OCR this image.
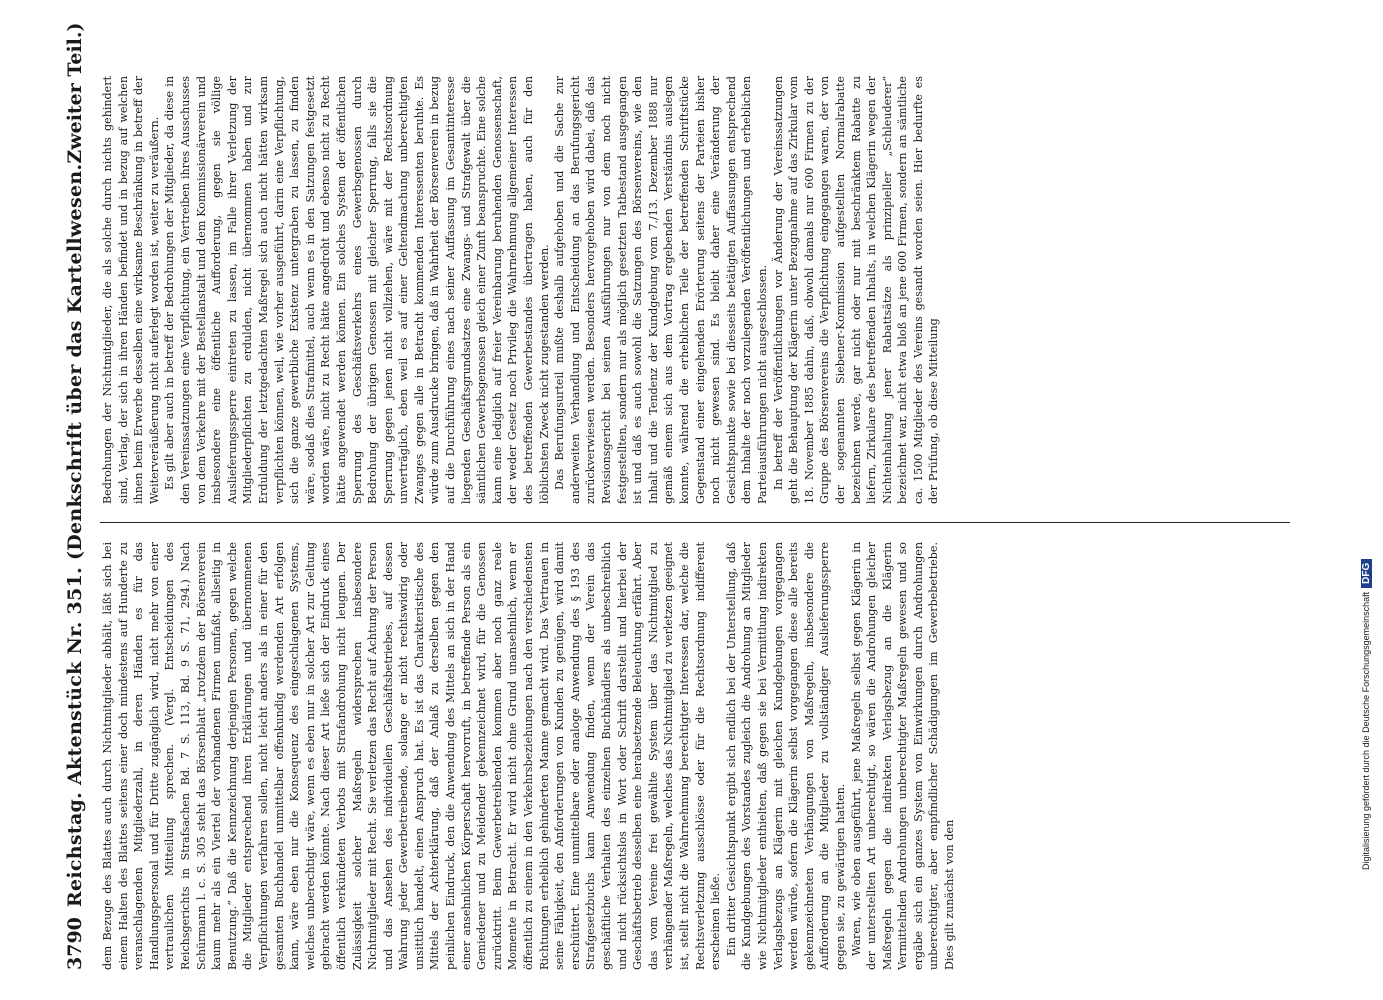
3790
Reichstag. Aktenstück Nr. 351. (Denkschrift über das Kartellwesen.
Zweiter Teil.)

dem Bezuge des Blattes auch durch Nichtmitglieder abhält, läßt sich bei einem Halten des Blattes seitens einer doch mindestens auf Hunderte zu veranschlagenden Mitgliederzahl, in deren Händen es für das Handlungspersonal und für Dritte zugänglich wird, nicht mehr von einer vertraulichen Mitteilung sprechen. (Vergl. Entscheidungen des Reichsgerichts in Strafsachen Bd. 7 S. 113, Bd. 9 S. 71, 294.) Nach Schürmann l. c. S. 305 steht das Börsenblatt „trotzdem der Börsenverein kaum mehr als ein Viertel der vorhandenen Firmen umfaßt, allseitig in Benutzung.“ Daß die Kennzeichnung derjenigen Personen, gegen welche die Mitglieder entsprechend ihren Erklärungen und übernommenen Verpflichtungen verfahren sollen, nicht leicht anders als in einer für den gesamten Buchhandel unmittelbar offenkundig werdenden Art erfolgen kann, wäre eben nur die Konsequenz des eingeschlagenen Systems, welches unberechtigt wäre, wenn es eben nur in solcher Art zur Geltung gebracht werden könnte. Nach dieser Art ließe sich der Eindruck eines öffentlich verkündeten Verbots mit Strafandrohung nicht leugnen. Der Zulässigkeit solcher Maßregeln widersprechen insbesondere Nichtmitglieder mit Recht. Sie verletzen das Recht auf Achtung der Person und das Ansehen des individuellen Geschäftsbetriebes, auf dessen Wahrung jeder Gewerbetreibende, solange er nicht rechtswidrig oder unsittlich handelt, einen Anspruch hat. Es ist das Charakteristische des Mittels der Achterklärung, daß der Anlaß zu derselben gegen den peinlichen Eindruck, den die Anwendung des Mittels an sich in der Hand einer ansehnlichen Körperschaft hervorruft, in betreffende Person als ein Gemiedener und zu Meidender gekennzeichnet wird, für die Genossen zurücktritt. Beim Gewerbetreibenden kommen aber noch ganz reale Momente in Betracht. Er wird nicht ohne Grund unansehnlich, wenn er öffentlich zu einem in den Verkehrsbeziehungen nach den verschiedensten Richtungen erheblich gehinderten Manne gemacht wird. Das Vertrauen in seine Fähigkeit, den Anforderungen von Kunden zu genügen, wird damit erschüttert. Eine unmittelbare oder analoge Anwendung des § 193 des Strafgesetzbuchs kann Anwendung finden, wenn der Verein das geschäftliche Verhalten des einzelnen Buchhändlers als unbeschreiblich und nicht rücksichtslos in Wort oder Schrift darstellt und hierbei der Geschäftsbetrieb desselben eine herabsetzende Beleuchtung erfährt. Aber das vom Vereine frei gewählte System über das Nichtmitglied zu verhängender Maßregeln, welches das Nichtmitglied zu verletzen geeignet ist, stellt nicht die Wahrnehmung berechtigter Interessen dar, welche die Rechtsverletzung ausschlösse oder für die Rechtsordnung indifferent erscheinen ließe. Ein dritter Gesichtspunkt ergibt sich endlich bei der Unterstellung, daß die Kundgebungen des Vorstandes zugleich die Androhung an Mitglieder wie Nichtmitglieder enthielten, daß gegen sie bei Vermittlung indirekten Verlagsbezugs an Klägerin mit gleichen Kundgebungen vorgegangen werden würde, sofern die Klägerin selbst vorgegangen diese alle bereits gekennzeichneten Verhängungen von Maßregeln, insbesondere die Aufforderung an die Mitglieder zu vollständiger Auslieferungssperre gegen sie, zu gewärtigen hatten. Waren, wie oben ausgeführt, jene Maßregeln selbst gegen Klägerin in der unterstellten Art unberechtigt, so wären die Androhungen gleicher Maßregeln gegen die indirekten Verlagsbezug an die Klägerin Vermittelnden Androhungen unberechtigter Maßregeln gewesen und so ergäbe sich ein ganzes System von Einwirkungen durch Androhungen unberechtigter, aber empfindlicher Schädigungen im Gewerbebetriebe. Dies gilt zunächst von den

Bedrohungen der Nichtmitglieder, die als solche durch nichts gehindert sind, Verlag, der sich in ihren Händen befindet und in bezug auf welchen ihnen beim Erwerbe desselben eine wirksame Beschränkung in betreff der Weiterveräußerung nicht auferlegt worden ist, weiter zu veräußern. Es gilt aber auch in betreff der Bedrohungen der Mitglieder, da diese in den Vereinssatzungen eine Verpflichtung, ein Vertreiben ihres Ausschusses von dem Verkehre mit der Bestellanstalt und dem Kommissionärverein und insbesondere eine öffentliche Aufforderung, gegen sie völlige Auslieferungssperre eintreten zu lassen, im Falle ihrer Verletzung der Mitgliederpflichten zu erdulden, nicht übernommen haben und zur Erduldung der letztgedachten Maßregel sich auch nicht hätten wirksam verpflichten können, weil, wie vorher ausgeführt, darin eine Verpflichtung, sich die ganze gewerbliche Existenz untergraben zu lassen, zu finden wäre, sodaß dies Strafmittel, auch wenn es in den Satzungen festgesetzt worden wäre, nicht zu Recht hätte angedroht und ebenso nicht zu Recht hätte angewendet werden können. Ein solches System der öffentlichen Sperrung des Geschäftsverkehrs eines Gewerbsgenossen durch Bedrohung der übrigen Genossen mit gleicher Sperrung, falls sie die Sperrung gegen jenen nicht vollziehen, wäre mit der Rechtsordnung unverträglich, eben weil es auf einer Geltendmachung unberechtigten Zwanges gegen alle in Betracht kommenden Interessenten beruhte. Es würde zum Ausdrucke bringen, daß in Wahrheit der Börsenverein in bezug auf die Durchführung eines nach seiner Auffassung im Gesamtinteresse liegenden Geschäftsgrundsatzes eine Zwangs- und Strafgewalt über die sämtlichen Gewerbsgenossen gleich einer Zunft beanspruchte. Eine solche kann eine lediglich auf freier Vereinbarung beruhenden Genossenschaft, der weder Gesetz noch Privileg die Wahrnehmung allgemeiner Interessen des betreffenden Gewerbestandes übertragen haben, auch für den löblichsten Zweck nicht zugestanden werden. Das Berufungsurteil mußte deshalb aufgehoben und die Sache zur anderweiten Verhandlung und Entscheidung an das Berufungsgericht zurückverwiesen werden. Besonders hervorgehoben wird dabei, daß das Revisionsgericht bei seinen Ausführungen nur von dem noch nicht festgestellten, sondern nur als möglich gesetzten Tatbestand ausgegangen ist und daß es auch sowohl die Satzungen des Börsenvereins, wie den Inhalt und die Tendenz der Kundgebung vom 7./13. Dezember 1888 nur gemäß einem sich aus dem Vortrag ergebenden Verständnis auslegen konnte, während die erheblichen Teile der betreffenden Schriftstücke Gegenstand einer eingehenden Erörterung seitens der Parteien bisher noch nicht gewesen sind. Es bleibt daher eine Veränderung der Gesichtspunkte sowie bei diesseits betätigten Auffassungen entsprechend dem Inhalte der noch vorzulegenden Veröffentlichungen und erheblichen Parteiausführungen nicht ausgeschlossen. In betreff der Veröffentlichungen vor Änderung der Vereinssatzungen geht die Behauptung der Klägerin unter Bezugnahme auf das Zirkular vom 18. November 1885 dahin, daß, obwohl damals nur 600 Firmen zu der Gruppe des Börsenvereins die Verpflichtung eingegangen waren, der von der sogenannten Siebener-Kommission aufgestellten Normalrabatte bezeichnen werde, gar nicht oder nur mit beschränktem Rabatte zu liefern, Zirkulare des betreffenden Inhalts, in welchen Klägerin wegen der Nichteinhaltung jener Rabattsätze als prinzipieller „Schleuderer“ bezeichnet war, nicht etwa bloß an jene 600 Firmen, sondern an sämtliche ca. 1500 Mitglieder des Vereins gesandt worden seien. Hier bedurfte es der Prüfung, ob diese Mitteilung

Digitalisierung gefördert durch die Deutsche Forschungsgemeinschaft
DFG
